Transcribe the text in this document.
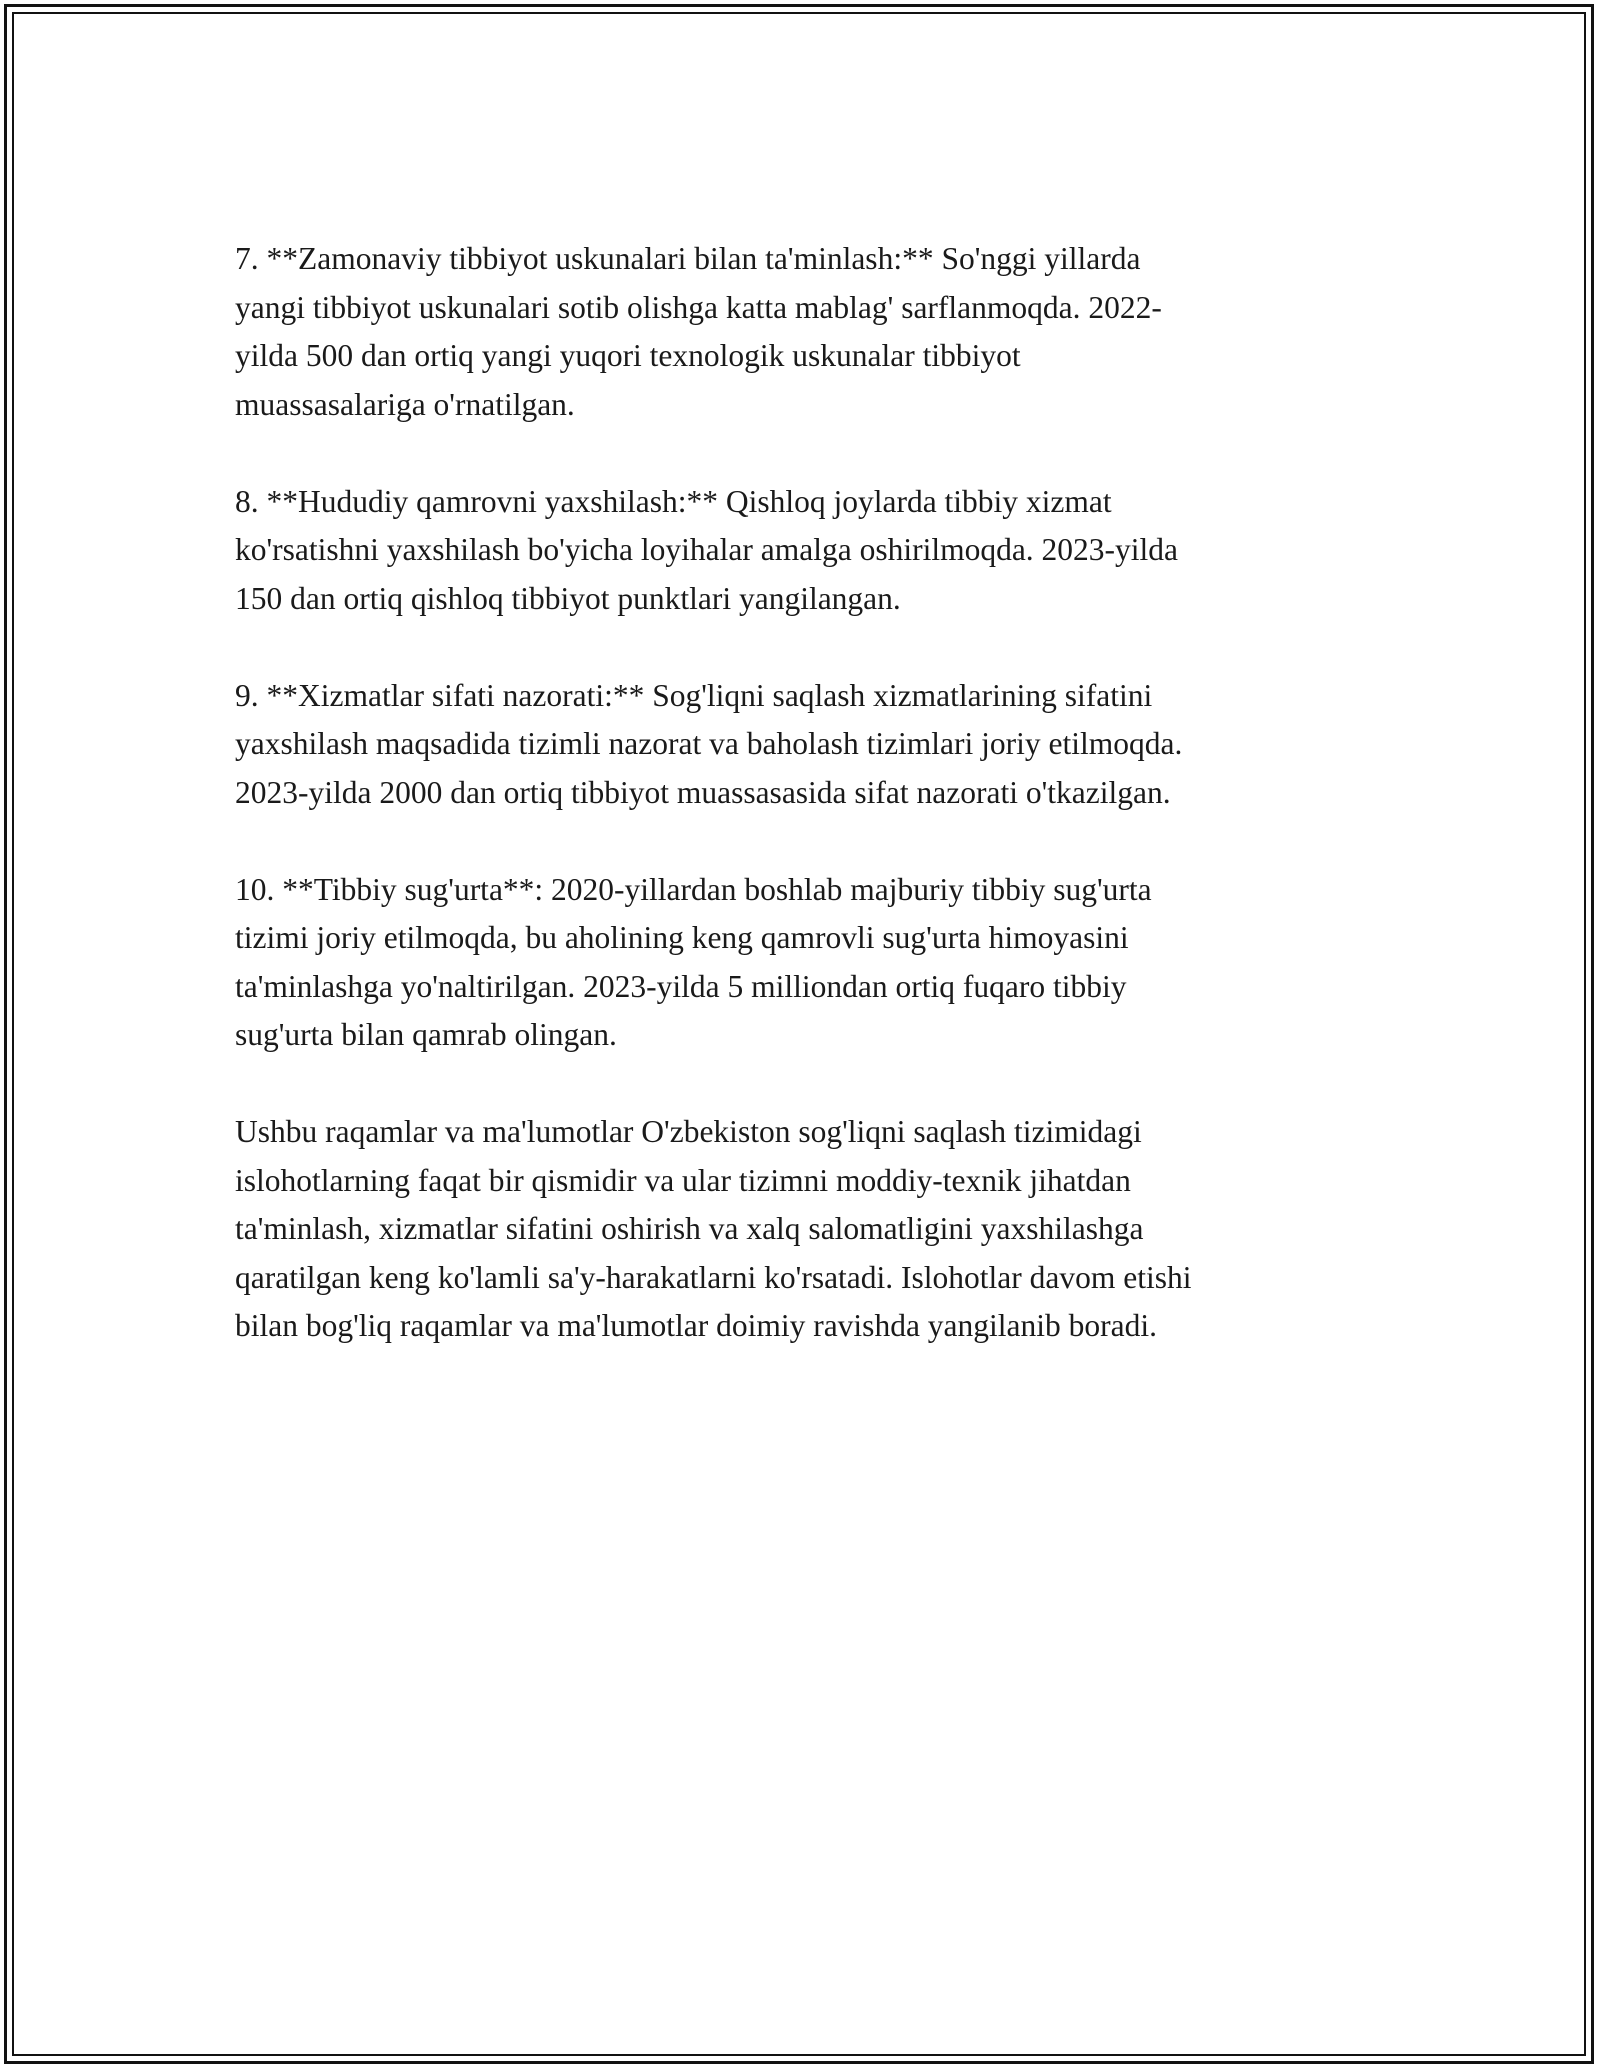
7. **Zamonaviy tibbiyot uskunalari bilan ta'minlash:** So'nggi yillarda
yangi tibbiyot uskunalari sotib olishga katta mablag' sarflanmoqda. 2022-
yilda 500 dan ortiq yangi yuqori texnologik uskunalar tibbiyot
muassasalariga o'rnatilgan.

8. **Hududiy qamrovni yaxshilash:** Qishloq joylarda tibbiy xizmat
ko'rsatishni yaxshilash bo'yicha loyihalar amalga oshirilmoqda. 2023-yilda
150 dan ortiq qishloq tibbiyot punktlari yangilangan.

9. **Xizmatlar sifati nazorati:** Sog'liqni saqlash xizmatlarining sifatini
yaxshilash maqsadida tizimli nazorat va baholash tizimlari joriy etilmoqda.
2023-yilda 2000 dan ortiq tibbiyot muassasasida sifat nazorati o'tkazilgan.

10. **Tibbiy sug'urta**: 2020-yillardan boshlab majburiy tibbiy sug'urta
tizimi joriy etilmoqda, bu aholining keng qamrovli sug'urta himoyasini
ta'minlashga yo'naltirilgan. 2023-yilda 5 milliondan ortiq fuqaro tibbiy
sug'urta bilan qamrab olingan.

Ushbu raqamlar va ma'lumotlar O'zbekiston sog'liqni saqlash tizimidagi
islohotlarning faqat bir qismidir va ular tizimni moddiy-texnik jihatdan
ta'minlash, xizmatlar sifatini oshirish va xalq salomatligini yaxshilashga
qaratilgan keng ko'lamli sa'y-harakatlarni ko'rsatadi. Islohotlar davom etishi
bilan bog'liq raqamlar va ma'lumotlar doimiy ravishda yangilanib boradi.
